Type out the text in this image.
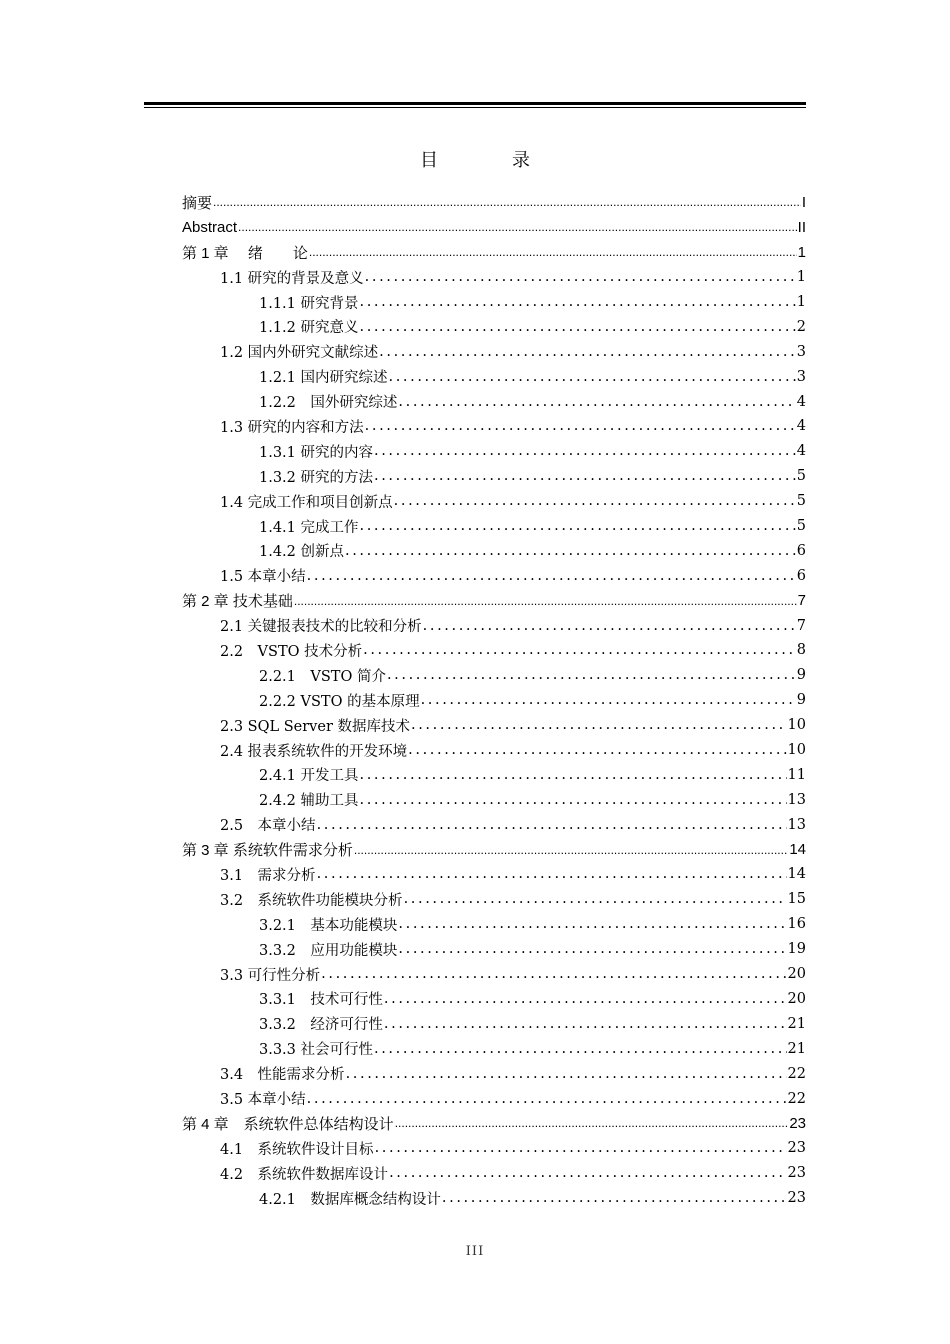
目　录
摘要 .....	I
Abstract .....	II
第 1 章　 绪　　论 .....	1
1.1 研究的背景及意义 .....	1
1.1.1 研究背景 .....	1
1.1.2 研究意义 .....	2
1.2 国内外研究文献综述 .....	3
1.2.1 国内研究综述 .....	3
1.2.2　国外研究综述 .....	4
1.3 研究的内容和方法 .....	4
1.3.1 研究的内容 .....	4
1.3.2 研究的方法 .....	5
1.4 完成工作和项目创新点 .....	5
1.4.1 完成工作 .....	5
1.4.2 创新点 .....	6
1.5 本章小结 .....	6
第 2 章 技术基础 .....	7
2.1 关键报表技术的比较和分析 .....	7
2.2　VSTO 技术分析 .....	8
2.2.1　VSTO 简介 .....	9
2.2.2 VSTO 的基本原理 .....	9
2.3 SQL Server 数据库技术 .....	10
2.4 报表系统软件的开发环境 .....	10
2.4.1 开发工具 .....	11
2.4.2 辅助工具 .....	13
2.5　本章小结 .....	13
第 3 章 系统软件需求分析 .....	14
3.1　需求分析 .....	14
3.2　系统软件功能模块分析 .....	15
3.2.1　基本功能模块 .....	16
3.3.2　应用功能模块 .....	19
3.3 可行性分析 .....	20
3.3.1　技术可行性 .....	20
3.3.2　经济可行性 .....	21
3.3.3 社会可行性 .....	21
3.4　性能需求分析 .....	22
3.5 本章小结 .....	22
第 4 章　系统软件总体结构设计 .....	23
4.1　系统软件设计目标 .....	23
4.2　系统软件数据库设计 .....	23
4.2.1　数据库概念结构设计 .....	23
III
